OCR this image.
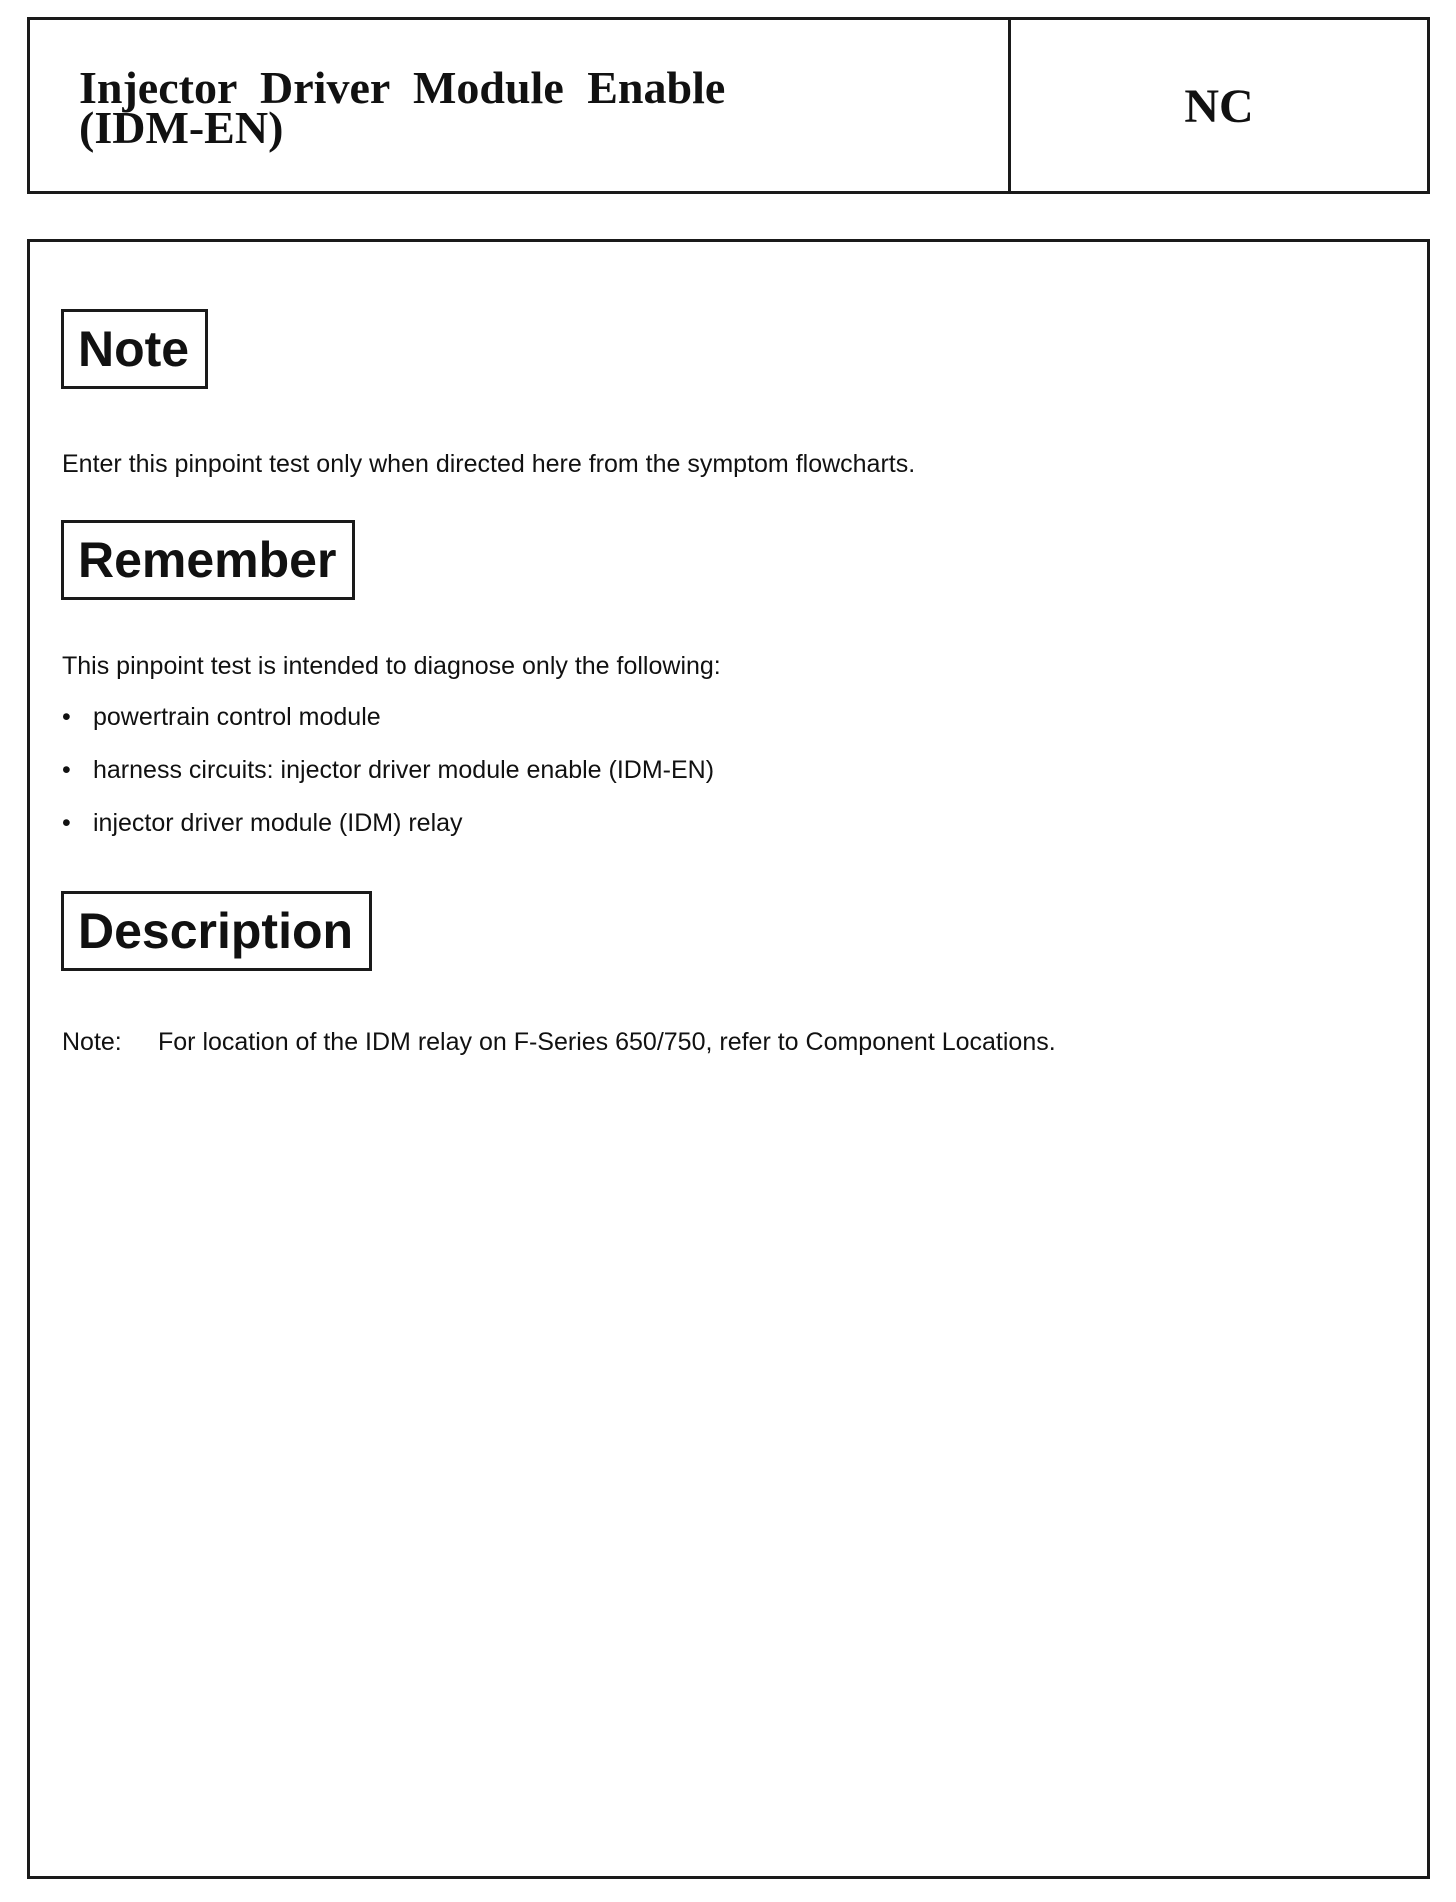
Injector Driver Module Enable
(IDM-EN)	NC
Note

Enter this pinpoint test only when directed here from the symptom flowcharts.

Remember

This pinpoint test is intended to diagnose only the following:

• powertrain control module
• harness circuits: injector driver module enable (IDM-EN)
• injector driver module (IDM) relay
Description
Note:	For location of the IDM relay on F-Series 650/750, refer to Component Locations.
